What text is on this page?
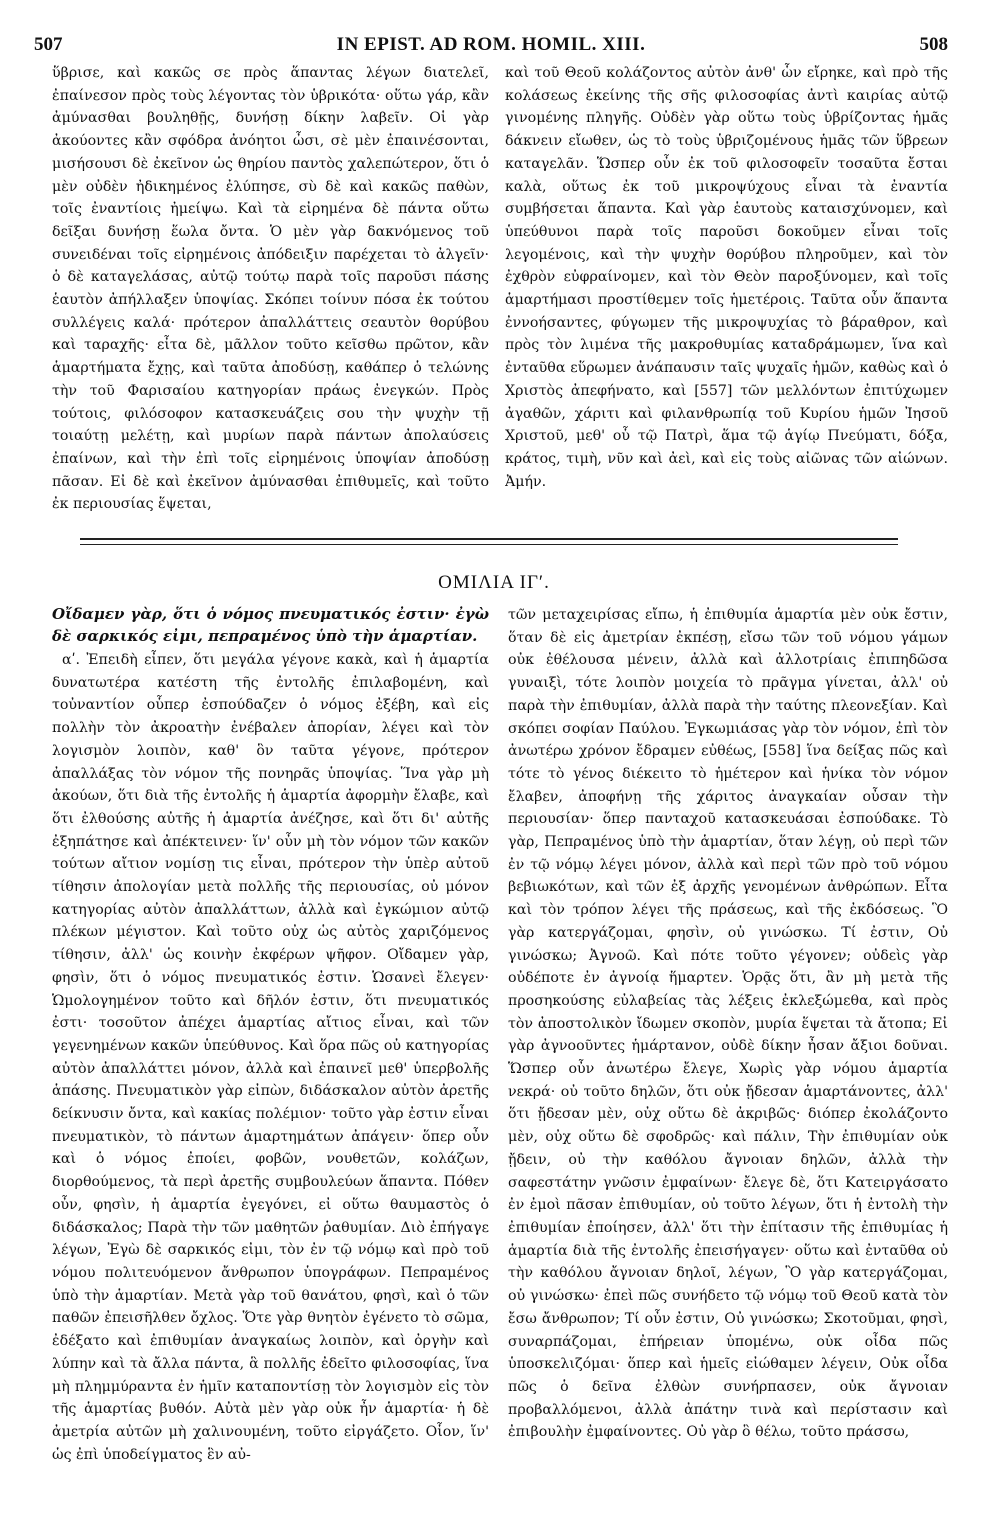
507	IN EPIST. AD ROM. HOMIL. XIII.	508

ὕβρισε, καὶ κακῶς σε πρὸς ἅπαντας λέγων διατελεῖ, ἐπαίνεσον πρὸς τοὺς λέγοντας τὸν ὑβρικότα· οὕτω γάρ, κἂν ἀμύνασθαι βουληθῇς, δυνήσῃ δίκην λαβεῖν. Οἱ γὰρ ἀκούοντες κἂν σφόδρα ἀνόητοι ὦσι, σὲ μὲν ἐπαινέσονται, μισήσουσι δὲ ἐκεῖνον ὡς θηρίου παντὸς χαλεπώτερον, ὅτι ὁ μὲν οὐδὲν ἠδικημένος ἐλύπησε, σὺ δὲ καὶ κακῶς παθὼν, τοῖς ἐναντίοις ἠμείψω. Καὶ τὰ εἰρημένα δὲ πάντα οὕτω δεῖξαι δυνήσῃ ἕωλα ὄντα. Ὁ μὲν γὰρ δακνόμενος τοῦ συνειδέναι τοῖς εἰρημένοις ἀπόδειξιν παρέχεται τὸ ἀλγεῖν· ὁ δὲ καταγελάσας, αὐτῷ τούτῳ παρὰ τοῖς παροῦσι πάσης ἑαυτὸν ἀπήλλαξεν ὑποψίας. Σκόπει τοίνυν πόσα ἐκ τούτου συλλέγεις καλά· πρότερον ἀπαλλάττεις σεαυτὸν θορύβου καὶ ταραχῆς· εἶτα δὲ, μᾶλλον τοῦτο κεῖσθω πρῶτον, κἂν ἁμαρτήματα ἔχῃς, καὶ ταῦτα ἀποδύσῃ, καθάπερ ὁ τελώνης τὴν τοῦ Φαρισαίου κατηγορίαν πράως ἐνεγκών. Πρὸς τούτοις, φιλόσοφον κατασκευάζεις σου τὴν ψυχὴν τῇ τοιαύτῃ μελέτῃ, καὶ μυρίων παρὰ πάντων ἀπολαύσεις ἐπαίνων, καὶ τὴν ἐπὶ τοῖς εἰρημένοις ὑποψίαν ἀποδύσῃ πᾶσαν. Εἰ δὲ καὶ ἐκεῖνον ἀμύνασθαι ἐπιθυμεῖς, καὶ τοῦτο ἐκ περιουσίας ἕψεται,

καὶ τοῦ Θεοῦ κολάζοντος αὐτὸν ἀνθ' ὧν εἴρηκε, καὶ πρὸ τῆς κολάσεως ἐκείνης τῆς σῆς φιλοσοφίας ἀντὶ καιρίας αὐτῷ γινομένης πληγῆς. Οὐδὲν γὰρ οὕτω τοὺς ὑβρίζοντας ἡμᾶς δάκνειν εἴωθεν, ὡς τὸ τοὺς ὑβριζομένους ἡμᾶς τῶν ὕβρεων καταγελᾶν. Ὥσπερ οὖν ἐκ τοῦ φιλοσοφεῖν τοσαῦτα ἔσται καλὰ, οὕτως ἐκ τοῦ μικροψύχους εἶναι τὰ ἐναντία συμβήσεται ἅπαντα. Καὶ γὰρ ἑαυτοὺς καταισχύνομεν, καὶ ὑπεύθυνοι παρὰ τοῖς παροῦσι δοκοῦμεν εἶναι τοῖς λεγομένοις, καὶ τὴν ψυχὴν θορύβου πληροῦμεν, καὶ τὸν ἐχθρὸν εὐφραίνομεν, καὶ τὸν Θεὸν παροξύνομεν, καὶ τοῖς ἁμαρτήμασι προστίθεμεν τοῖς ἡμετέροις. Ταῦτα οὖν ἅπαντα ἐννοήσαντες, φύγωμεν τῆς μικροψυχίας τὸ βάραθρον, καὶ πρὸς τὸν λιμένα τῆς μακροθυμίας καταδράμωμεν, ἵνα καὶ ἐνταῦθα εὕρωμεν ἀνάπαυσιν ταῖς ψυχαῖς ἡμῶν, καθὼς καὶ ὁ Χριστὸς ἀπεφήνατο, καὶ [557] τῶν μελλόντων ἐπιτύχωμεν ἀγαθῶν, χάριτι καὶ φιλανθρωπίᾳ τοῦ Κυρίου ἡμῶν Ἰησοῦ Χριστοῦ, μεθ' οὗ τῷ Πατρὶ, ἅμα τῷ ἁγίῳ Πνεύματι, δόξα, κράτος, τιμὴ, νῦν καὶ ἀεὶ, καὶ εἰς τοὺς αἰῶνας τῶν αἰώνων. Ἀμήν.

ΟΜΙΛΙΑ ΙΓʹ.

Οἴδαμεν γὰρ, ὅτι ὁ νόμος πνευματικός ἐστιν· ἐγὼ δὲ σαρκικός εἰμι, πεπραμένος ὑπὸ τὴν ἁμαρτίαν.

αʹ. Ἐπειδὴ εἶπεν, ὅτι μεγάλα γέγονε κακὰ, καὶ ἡ ἁμαρτία δυνατωτέρα κατέστη τῆς ἐντολῆς ἐπιλαβομένη, καὶ τοὐναντίον οὗπερ ἐσπούδαζεν ὁ νόμος ἐξέβη, καὶ εἰς πολλὴν τὸν ἀκροατὴν ἐνέβαλεν ἀπορίαν, λέγει καὶ τὸν λογισμὸν λοιπὸν, καθ' ὃν ταῦτα γέγονε, πρότερον ἀπαλλάξας τὸν νόμον τῆς πονηρᾶς ὑποψίας. Ἵνα γὰρ μὴ ἀκούων, ὅτι διὰ τῆς ἐντολῆς ἡ ἁμαρτία ἀφορμὴν ἔλαβε, καὶ ὅτι ἐλθούσης αὐτῆς ἡ ἁμαρτία ἀνέζησε, καὶ ὅτι δι' αὐτῆς ἐξηπάτησε καὶ ἀπέκτεινεν· ἵν' οὖν μὴ τὸν νόμον τῶν κακῶν τούτων αἴτιον νομίσῃ τις εἶναι, πρότερον τὴν ὑπὲρ αὐτοῦ τίθησιν ἀπολογίαν μετὰ πολλῆς τῆς περιουσίας, οὐ μόνον κατηγορίας αὐτὸν ἀπαλλάττων, ἀλλὰ καὶ ἐγκώμιον αὐτῷ πλέκων μέγιστον. Καὶ τοῦτο οὐχ ὡς αὐτὸς χαριζόμενος τίθησιν, ἀλλ' ὡς κοινὴν ἐκφέρων ψῆφον. Οἴδαμεν γὰρ, φησὶν, ὅτι ὁ νόμος πνευματικός ἐστιν. Ὡσανεὶ ἔλεγεν· Ὡμολογημένον τοῦτο καὶ δῆλόν ἐστιν, ὅτι πνευματικός ἐστι· τοσοῦτον ἀπέχει ἁμαρτίας αἴτιος εἶναι, καὶ τῶν γεγενημένων κακῶν ὑπεύθυνος. Καὶ ὅρα πῶς οὐ κατηγορίας αὐτὸν ἀπαλλάττει μόνον, ἀλλὰ καὶ ἐπαινεῖ μεθ' ὑπερβολῆς ἁπάσης. Πνευματικὸν γὰρ εἰπὼν, διδάσκαλον αὐτὸν ἀρετῆς δείκνυσιν ὄντα, καὶ κακίας πολέμιον· τοῦτο γὰρ ἐστιν εἶναι πνευματικὸν, τὸ πάντων ἁμαρτημάτων ἀπάγειν· ὅπερ οὖν καὶ ὁ νόμος ἐποίει, φοβῶν, νουθετῶν, κολάζων, διορθούμενος, τὰ περὶ ἀρετῆς συμβουλεύων ἅπαντα. Πόθεν οὖν, φησὶν, ἡ ἁμαρτία ἐγεγόνει, εἰ οὕτω θαυμαστὸς ὁ διδάσκαλος; Παρὰ τὴν τῶν μαθητῶν ῥαθυμίαν. Διὸ ἐπήγαγε λέγων, Ἐγὼ δὲ σαρκικός εἰμι, τὸν ἐν τῷ νόμῳ καὶ πρὸ τοῦ νόμου πολιτευόμενον ἄνθρωπον ὑπογράφων. Πεπραμένος ὑπὸ τὴν ἁμαρτίαν. Μετὰ γὰρ τοῦ θανάτου, φησὶ, καὶ ὁ τῶν παθῶν ἐπεισῆλθεν ὄχλος. Ὅτε γὰρ θνητὸν ἐγένετο τὸ σῶμα, ἐδέξατο καὶ ἐπιθυμίαν ἀναγκαίως λοιπὸν, καὶ ὀργὴν καὶ λύπην καὶ τὰ ἄλλα πάντα, ἃ πολλῆς ἐδεῖτο φιλοσοφίας, ἵνα μὴ πλημμύραντα ἐν ἡμῖν καταποντίσῃ τὸν λογισμὸν εἰς τὸν τῆς ἁμαρτίας βυθόν. Αὐτὰ μὲν γὰρ οὐκ ἦν ἁμαρτία· ἡ δὲ ἀμετρία αὐτῶν μὴ χαλινουμένη, τοῦτο εἰργάζετο. Οἷον, ἵν' ὡς ἐπὶ ὑποδείγματος ἓν αὐ-

τῶν μεταχειρίσας εἴπω, ἡ ἐπιθυμία ἁμαρτία μὲν οὐκ ἔστιν, ὅταν δὲ εἰς ἀμετρίαν ἐκπέσῃ, εἴσω τῶν τοῦ νόμου γάμων οὐκ ἐθέλουσα μένειν, ἀλλὰ καὶ ἀλλοτρίαις ἐπιπηδῶσα γυναιξὶ, τότε λοιπὸν μοιχεία τὸ πρᾶγμα γίνεται, ἀλλ' οὐ παρὰ τὴν ἐπιθυμίαν, ἀλλὰ παρὰ τὴν ταύτης πλεονεξίαν. Καὶ σκόπει σοφίαν Παύλου. Ἐγκωμιάσας γὰρ τὸν νόμον, ἐπὶ τὸν ἀνωτέρω χρόνον ἔδραμεν εὐθέως, [558] ἵνα δείξας πῶς καὶ τότε τὸ γένος διέκειτο τὸ ἡμέτερον καὶ ἡνίκα τὸν νόμον ἔλαβεν, ἀποφήνῃ τῆς χάριτος ἀναγκαίαν οὖσαν τὴν περιουσίαν· ὅπερ πανταχοῦ κατασκευάσαι ἐσπούδακε. Τὸ γὰρ, Πεπραμένος ὑπὸ τὴν ἁμαρτίαν, ὅταν λέγῃ, οὐ περὶ τῶν ἐν τῷ νόμῳ λέγει μόνον, ἀλλὰ καὶ περὶ τῶν πρὸ τοῦ νόμου βεβιωκότων, καὶ τῶν ἐξ ἀρχῆς γενομένων ἀνθρώπων. Εἶτα καὶ τὸν τρόπον λέγει τῆς πράσεως, καὶ τῆς ἐκδόσεως. Ὃ γὰρ κατεργάζομαι, φησὶν, οὐ γινώσκω. Τί ἐστιν, Οὐ γινώσκω; Ἀγνοῶ. Καὶ πότε τοῦτο γέγονεν; οὐδεὶς γὰρ οὐδέποτε ἐν ἀγνοίᾳ ἥμαρτεν. Ὁρᾷς ὅτι, ἂν μὴ μετὰ τῆς προσηκούσης εὐλαβείας τὰς λέξεις ἐκλεξώμεθα, καὶ πρὸς τὸν ἀποστολικὸν ἴδωμεν σκοπὸν, μυρία ἕψεται τὰ ἄτοπα; Εἰ γὰρ ἀγνοοῦντες ἡμάρτανον, οὐδὲ δίκην ἦσαν ἄξιοι δοῦναι. Ὥσπερ οὖν ἀνωτέρω ἔλεγε, Χωρὶς γὰρ νόμου ἁμαρτία νεκρά· οὐ τοῦτο δηλῶν, ὅτι οὐκ ᾔδεσαν ἁμαρτάνοντες, ἀλλ' ὅτι ᾔδεσαν μὲν, οὐχ οὕτω δὲ ἀκριβῶς· διόπερ ἐκολάζοντο μὲν, οὐχ οὕτω δὲ σφοδρῶς· καὶ πάλιν, Τὴν ἐπιθυμίαν οὐκ ᾔδειν, οὐ τὴν καθόλου ἄγνοιαν δηλῶν, ἀλλὰ τὴν σαφεστάτην γνῶσιν ἐμφαίνων· ἔλεγε δὲ, ὅτι Κατειργάσατο ἐν ἐμοὶ πᾶσαν ἐπιθυμίαν, οὐ τοῦτο λέγων, ὅτι ἡ ἐντολὴ τὴν ἐπιθυμίαν ἐποίησεν, ἀλλ' ὅτι τὴν ἐπίτασιν τῆς ἐπιθυμίας ἡ ἁμαρτία διὰ τῆς ἐντολῆς ἐπεισήγαγεν· οὕτω καὶ ἐνταῦθα οὐ τὴν καθόλου ἄγνοιαν δηλοῖ, λέγων, Ὃ γὰρ κατεργάζομαι, οὐ γινώσκω· ἐπεὶ πῶς συνήδετο τῷ νόμῳ τοῦ Θεοῦ κατὰ τὸν ἔσω ἄνθρωπον; Τί οὖν ἐστιν, Οὐ γινώσκω; Σκοτοῦμαι, φησὶ, συναρπάζομαι, ἐπήρειαν ὑπομένω, οὐκ οἶδα πῶς ὑποσκελιζόμαι· ὅπερ καὶ ἡμεῖς εἰώθαμεν λέγειν, Οὐκ οἶδα πῶς ὁ δεῖνα ἐλθὼν συνήρπασεν, οὐκ ἄγνοιαν προβαλλόμενοι, ἀλλὰ ἀπάτην τινὰ καὶ περίστασιν καὶ ἐπιβουλὴν ἐμφαίνοντες. Οὐ γὰρ ὃ θέλω, τοῦτο πράσσω,
